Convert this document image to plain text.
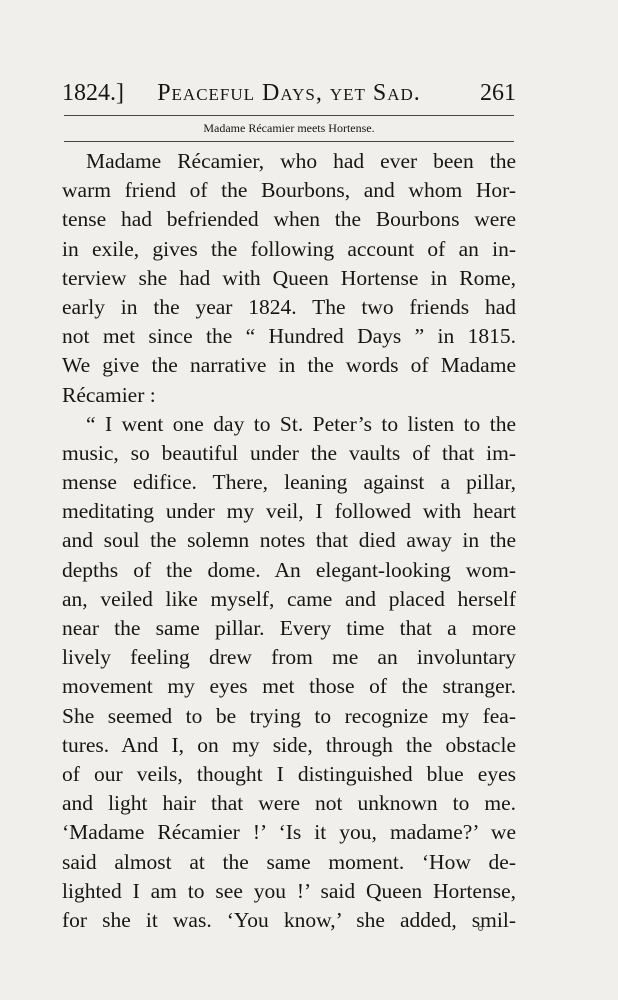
1824.]	Peaceful Days, yet Sad.	261
Madame Récamier meets Hortense.
Madame Récamier, who had ever been the
warm friend of the Bourbons, and whom Hor-
tense had befriended when the Bourbons were
in exile, gives the following account of an in-
terview she had with Queen Hortense in Rome,
early in the year 1824. The two friends had
not met since the “ Hundred Days ” in 1815.
We give the narrative in the words of Madame
Récamier :
“ I went one day to St. Peter’s to listen to the
music, so beautiful under the vaults of that im-
mense edifice. There, leaning against a pillar,
meditating under my veil, I followed with heart
and soul the solemn notes that died away in the
depths of the dome. An elegant-looking wom-
an, veiled like myself, came and placed herself
near the same pillar. Every time that a more
lively feeling drew from me an involuntary
movement my eyes met those of the stranger.
She seemed to be trying to recognize my fea-
tures. And I, on my side, through the obstacle
of our veils, thought I distinguished blue eyes
and light hair that were not unknown to me.
‘Madame Récamier !’ ‘Is it you, madame?’ we
said almost at the same moment. ‘How de-
lighted I am to see you !’ said Queen Hortense,
for she it was. ‘You know,’ she added, smil-
